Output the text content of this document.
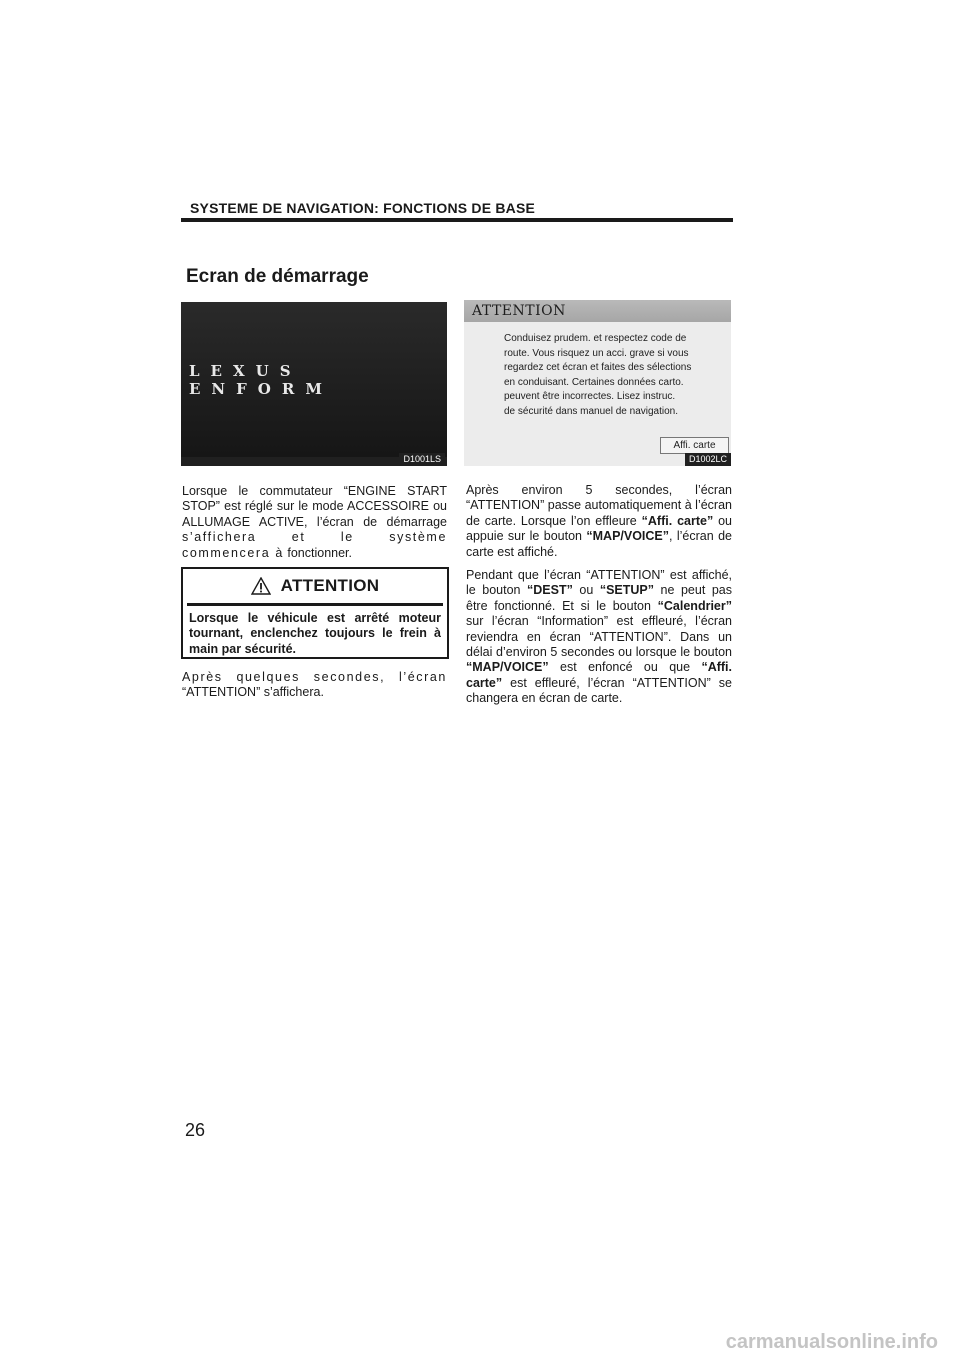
SYSTEME DE NAVIGATION: FONCTIONS DE BASE
Ecran de démarrage
LEXUS ENFORM
D1001LS
ATTENTION
Conduisez prudem. et respectez code de
route. Vous risquez un acci. grave si vous
regardez cet écran et faites des sélections
en conduisant. Certaines données carto.
peuvent être incorrectes. Lisez instruc.
de sécurité dans manuel de navigation.
Affi. carte
D1002LC

Lorsque le commutateur “ENGINE START STOP” est réglé sur le mode ACCESSOIRE ou ALLUMAGE ACTIVE, l’écran de démarrage s’affichera et le système commencera à fonctionner.

ATTENTION
Lorsque le véhicule est arrêté moteur tournant, enclenchez toujours le frein à main par sécurité.

Après quelques secondes, l’écran “ATTENTION” s’affichera.

Après environ 5 secondes, l’écran “ATTENTION” passe automatiquement à l’écran de carte. Lorsque l’on effleure “Affi. carte” ou appuie sur le bouton “MAP/VOICE”, l’écran de carte est affiché.

Pendant que l’écran “ATTENTION” est affiché, le bouton “DEST” ou “SETUP” ne peut pas être fonctionné. Et si le bouton “Calendrier” sur l’écran “Information” est effleuré, l’écran reviendra en écran “ATTENTION”. Dans un délai d’environ 5 secondes ou lorsque le bouton “MAP/VOICE” est enfoncé ou que “Affi. carte” est effleuré, l’écran “ATTENTION” se changera en écran de carte.

26
carmanualsonline.info
